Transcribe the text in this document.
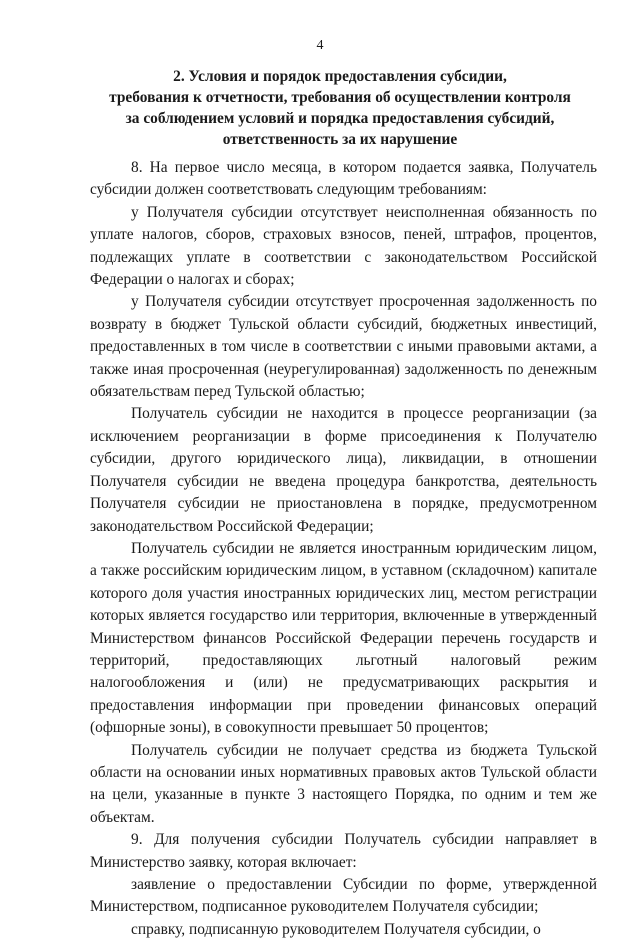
4
2. Условия и порядок предоставления субсидии,
требования к отчетности, требования об осуществлении контроля
за соблюдением условий и порядка предоставления субсидий,
ответственность за их нарушение

8. На первое число месяца, в котором подается заявка, Получатель субсидии должен соответствовать следующим требованиям:

у Получателя субсидии отсутствует неисполненная обязанность по уплате налогов, сборов, страховых взносов, пеней, штрафов, процентов, подлежащих уплате в соответствии с законодательством Российской Федерации о налогах и сборах;

у Получателя субсидии отсутствует просроченная задолженность по возврату в бюджет Тульской области субсидий, бюджетных инвестиций, предоставленных в том числе в соответствии с иными правовыми актами, а также иная просроченная (неурегулированная) задолженность по денежным обязательствам перед Тульской областью;

Получатель субсидии не находится в процессе реорганизации (за исключением реорганизации в форме присоединения к Получателю субсидии, другого юридического лица), ликвидации, в отношении Получателя субсидии не введена процедура банкротства, деятельность Получателя субсидии не приостановлена в порядке, предусмотренном законодательством Российской Федерации;

Получатель субсидии не является иностранным юридическим лицом, а также российским юридическим лицом, в уставном (складочном) капитале которого доля участия иностранных юридических лиц, местом регистрации которых является государство или территория, включенные в утвержденный Министерством финансов Российской Федерации перечень государств и территорий, предоставляющих льготный налоговый режим налогообложения и (или) не предусматривающих раскрытия и предоставления информации при проведении финансовых операций (офшорные зоны), в совокупности превышает 50 процентов;

Получатель субсидии не получает средства из бюджета Тульской области на основании иных нормативных правовых актов Тульской области на цели, указанные в пункте 3 настоящего Порядка, по одним и тем же объектам.

9. Для получения субсидии Получатель субсидии направляет в Министерство заявку, которая включает:

заявление о предоставлении Субсидии по форме, утвержденной Министерством, подписанное руководителем Получателя субсидии;

справку, подписанную руководителем Получателя субсидии, о
